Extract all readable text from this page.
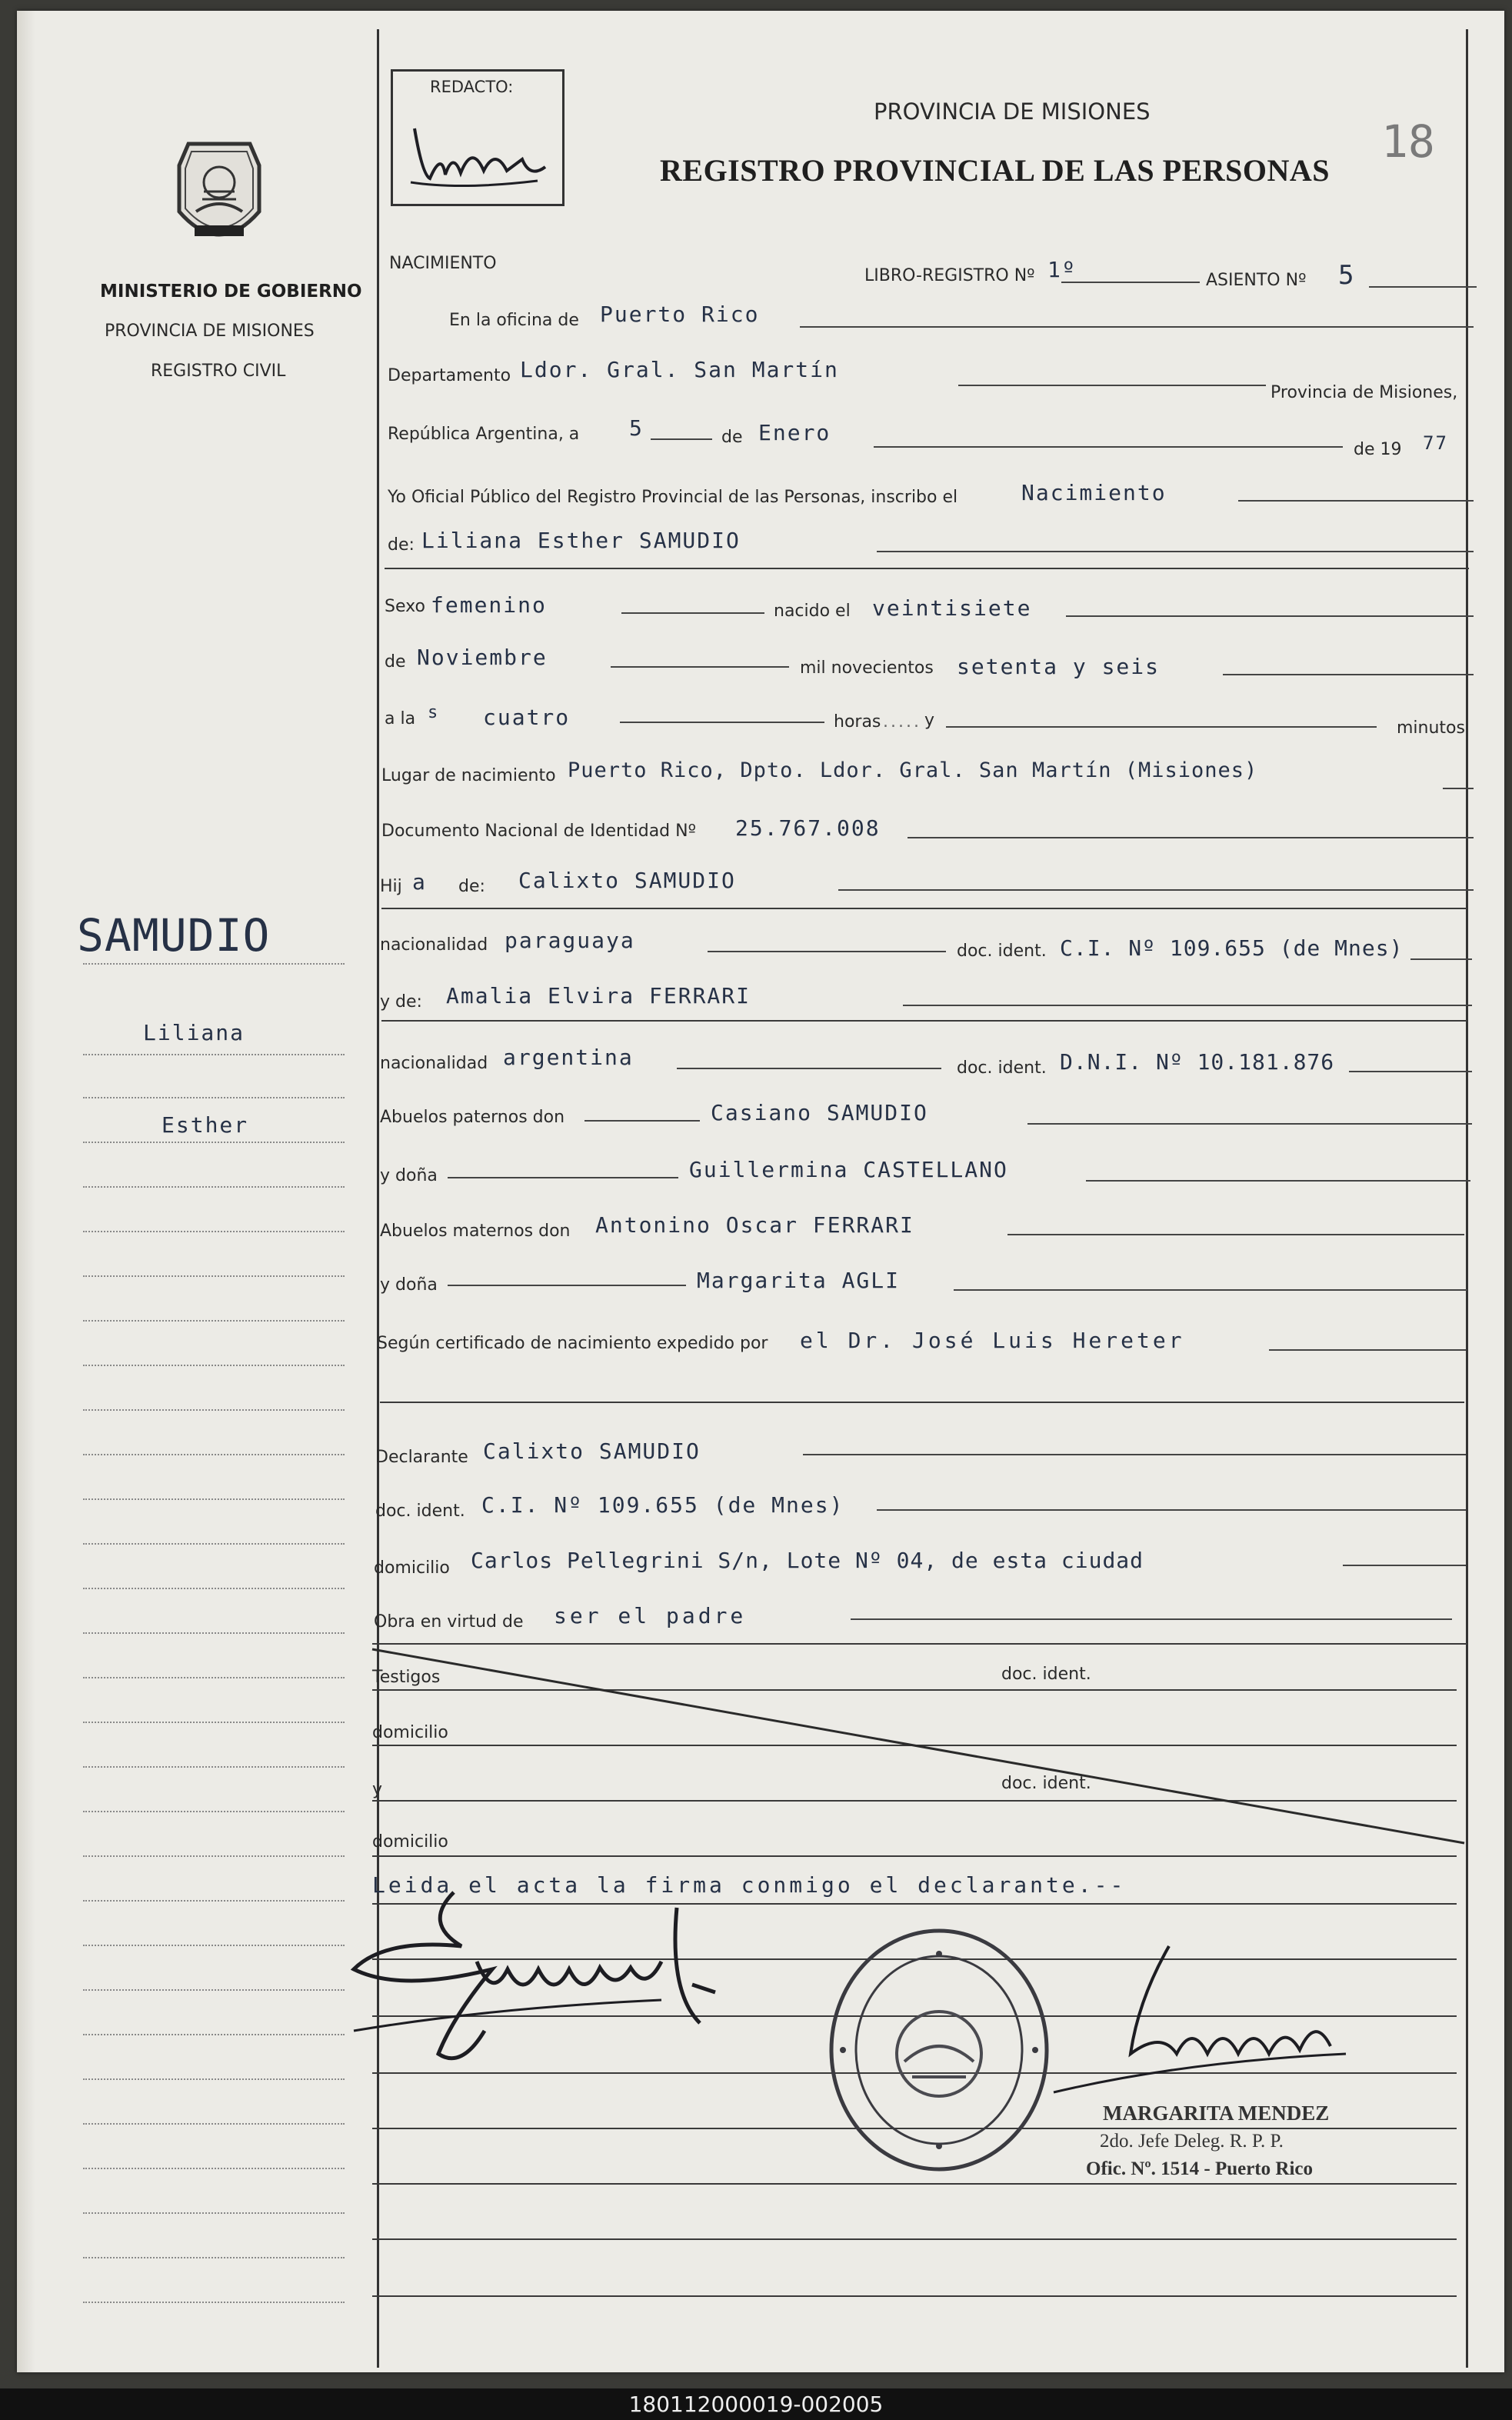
MINISTERIO DE GOBIERNO
PROVINCIA DE MISIONES
REGISTRO CIVIL
SAMUDIO
Liliana
Esther
REDACTO:
PROVINCIA DE MISIONES
REGISTRO PROVINCIAL DE LAS PERSONAS
18
NACIMIENTO
LIBRO-REGISTRO Nº 1º	ASIENTO Nº 5
En la oficina de Puerto Rico
Departamento Ldor. Gral. San Martín
Provincia de Misiones,
República Argentina, a 5	de Enero
de 19 77
Yo Oficial Público del Registro Provincial de las Personas, inscribo el	Nacimiento
de: Liliana Esther SAMUDIO
Sexo femenino	nacido el veintisiete
de Noviembre	mil novecientos setenta y seis
a la s cuatro	horas ..... y	minutos
Lugar de nacimiento Puerto Rico, Dpto. Ldor. Gral. San Martín (Misiones)
Documento Nacional de Identidad Nº 25.767.008
Hij a de: Calixto SAMUDIO
nacionalidad paraguaya	doc. ident. C.I. Nº 109.655 (de Mnes)
y de: Amalia Elvira FERRARI
nacionalidad argentina	doc. ident. D.N.I. Nº 10.181.876
Abuelos paternos don	Casiano SAMUDIO
y doña	Guillermina CASTELLANO
Abuelos maternos don Antonino Oscar FERRARI
y doña	Margarita AGLI
Según certificado de nacimiento expedido por el Dr. José Luis Hereter
Declarante Calixto SAMUDIO
doc. ident. C.I. Nº 109.655 (de Mnes)
domicilio Carlos Pellegrini S/n, Lote Nº 04, de esta ciudad
Obra en virtud de ser el padre
Testigos	doc. ident.
domicilio
y	doc. ident.
domicilio
Leida el acta la firma conmigo el declarante.--
MARGARITA MENDEZ
2do. Jefe Deleg. R. P. P.
Ofic. Nº. 1514 - Puerto Rico
180112000019-002005
